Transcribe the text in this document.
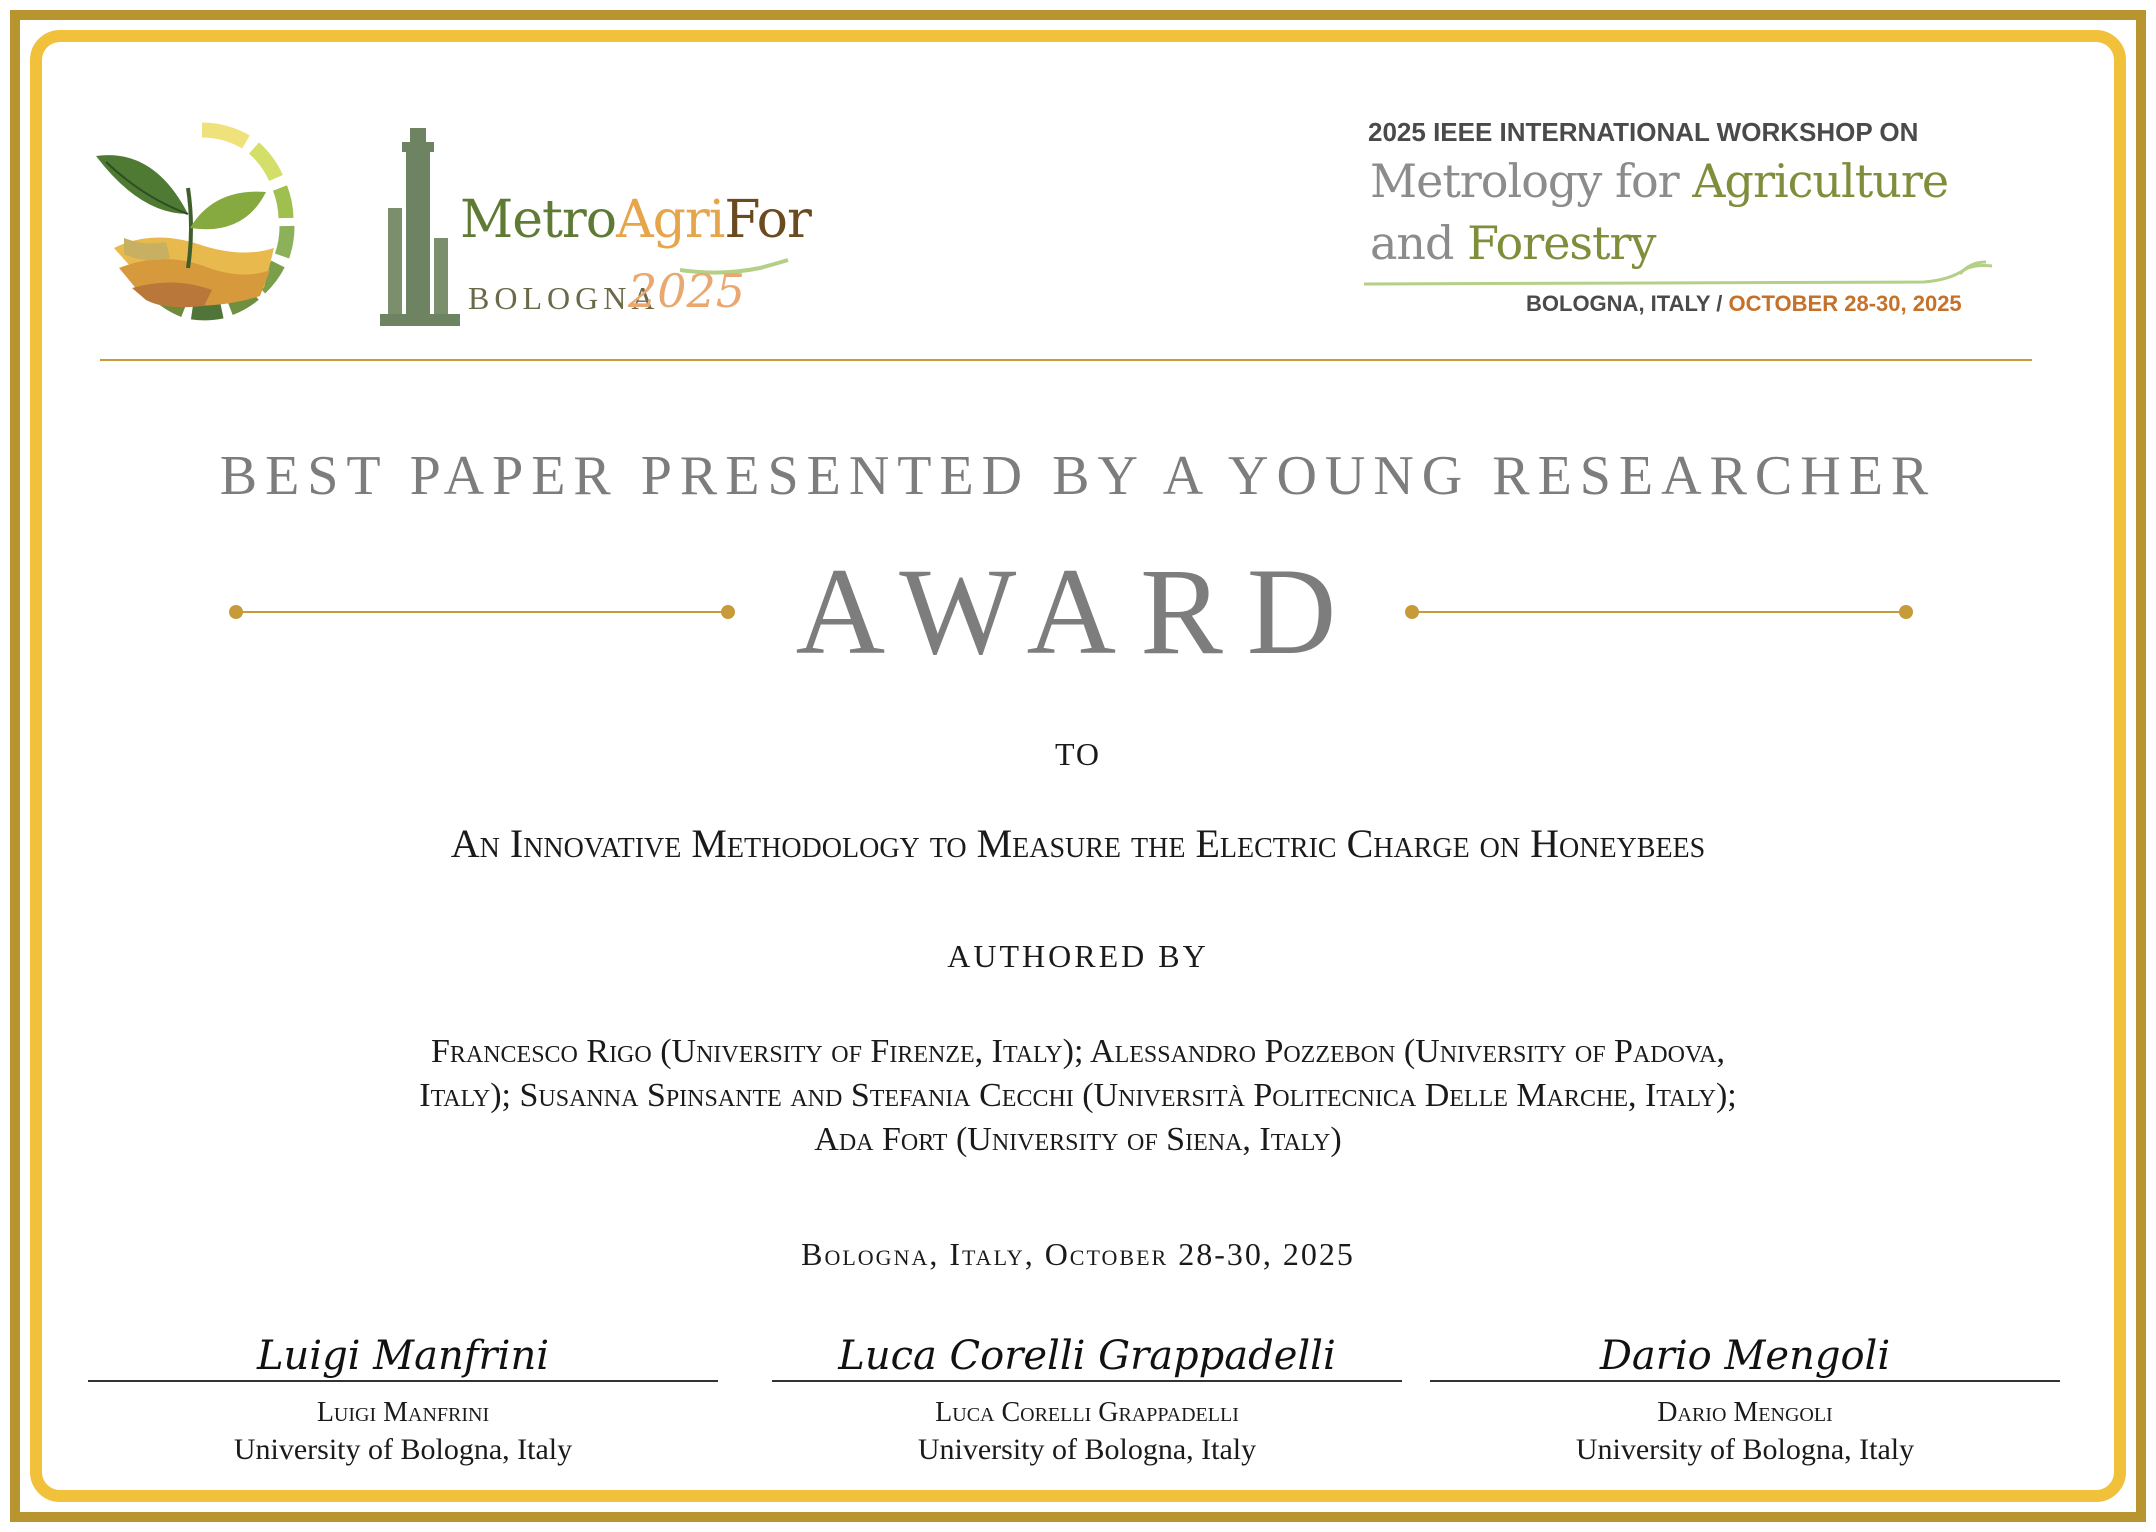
MetroAgriFor

BOLOGNA

2025

2025 IEEE INTERNATIONAL WORKSHOP ON

Metrology for Agriculture

and Forestry

BOLOGNA, ITALY / OCTOBER 28-30, 2025

BEST PAPER PRESENTED BY A YOUNG RESEARCHER

AWARD

TO

An Innovative Methodology to Measure the Electric Charge on Honeybees

AUTHORED BY

Francesco Rigo (University of Firenze, Italy); Alessandro Pozzebon (University of Padova,
Italy); Susanna Spinsante and Stefania Cecchi (Università Politecnica Delle Marche, Italy);
Ada Fort (University of Siena, Italy)

Bologna, Italy, October 28-30, 2025

Luigi Manfrini

Luigi Manfrini

University of Bologna, Italy

Luca Corelli Grappadelli

Luca Corelli Grappadelli

University of Bologna, Italy

Dario Mengoli

Dario Mengoli

University of Bologna, Italy
